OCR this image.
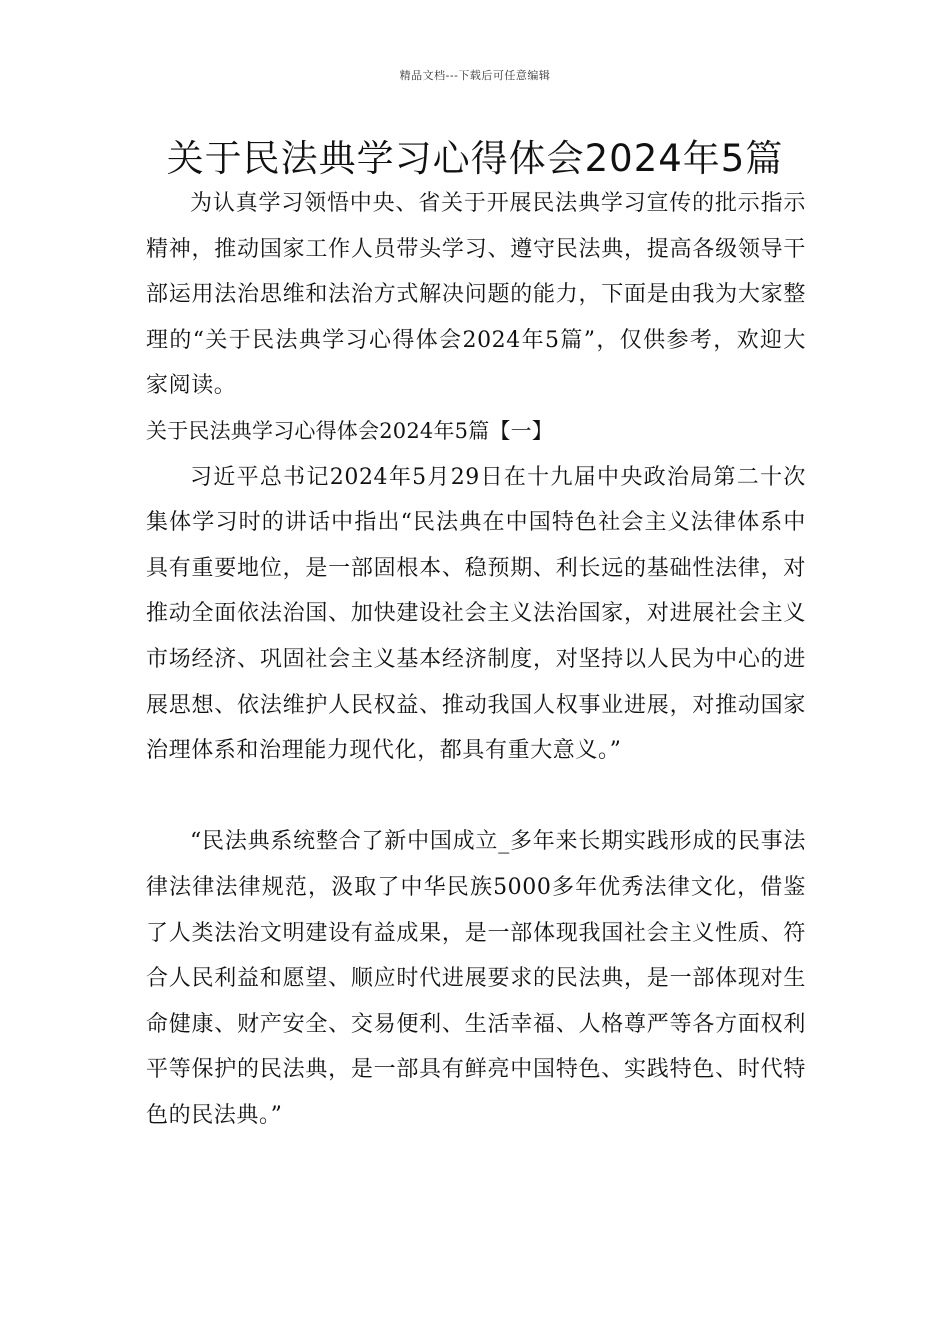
精品文档---下载后可任意编辑
关于民法典学习心得体会2024年5篇

为认真学习领悟中央、省关于开展民法典学习宣传的批示指示精神，推动国家工作人员带头学习、遵守民法典，提高各级领导干部运用法治思维和法治方式解决问题的能力，下面是由我为大家整理的“关于民法典学习心得体会2024年5篇”，仅供参考，欢迎大家阅读。

关于民法典学习心得体会2024年5篇【一】

习近平总书记2024年5月29日在十九届中央政治局第二十次集体学习时的讲话中指出“民法典在中国特色社会主义法律体系中具有重要地位，是一部固根本、稳预期、利长远的基础性法律，对推动全面依法治国、加快建设社会主义法治国家，对进展社会主义市场经济、巩固社会主义基本经济制度，对坚持以人民为中心的进展思想、依法维护人民权益、推动我国人权事业进展，对推动国家治理体系和治理能力现代化，都具有重大意义。”

“民法典系统整合了新中国成立_多年来长期实践形成的民事法律法律法律规范，汲取了中华民族5000多年优秀法律文化，借鉴了人类法治文明建设有益成果，是一部体现我国社会主义性质、符合人民利益和愿望、顺应时代进展要求的民法典，是一部体现对生命健康、财产安全、交易便利、生活幸福、人格尊严等各方面权利平等保护的民法典，是一部具有鲜亮中国特色、实践特色、时代特色的民法典。”
